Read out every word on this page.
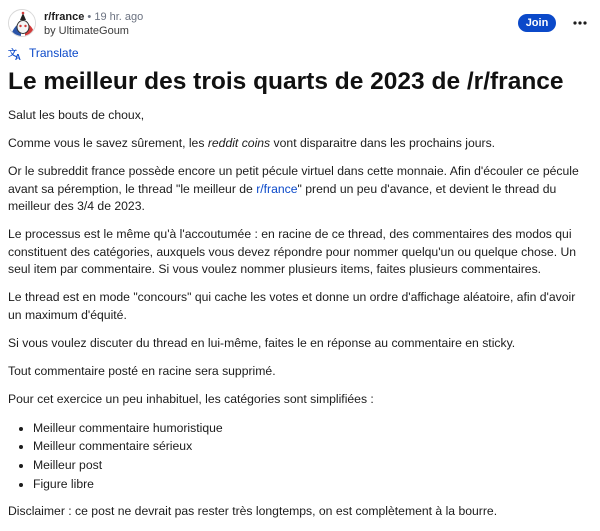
r/france • 19 hr. ago
by UltimateGoum
Join
文
A Translate
Le meilleur des trois quarts de 2023 de /r/france

Salut les bouts de choux,

Comme vous le savez sûrement, les reddit coins vont disparaitre dans les prochains jours.

Or le subreddit france possède encore un petit pécule virtuel dans cette monnaie. Afin d'écouler ce pécule avant sa péremption, le thread "le meilleur de r/france" prend un peu d'avance, et devient le thread du meilleur des 3/4 de 2023.

Le processus est le même qu'à l'accoutumée : en racine de ce thread, des commentaires des modos qui constituent des catégories, auxquels vous devez répondre pour nommer quelqu'un ou quelque chose. Un seul item par commentaire. Si vous voulez nommer plusieurs items, faites plusieurs commentaires.

Le thread est en mode "concours" qui cache les votes et donne un ordre d'affichage aléatoire, afin d'avoir un maximum d'équité.

Si vous voulez discuter du thread en lui-même, faites le en réponse au commentaire en sticky.

Tout commentaire posté en racine sera supprimé.

Pour cet exercice un peu inhabituel, les catégories sont simplifiées :

• Meilleur commentaire humoristique
• Meilleur commentaire sérieux
• Meilleur post
• Figure libre

Disclaimer : ce post ne devrait pas rester très longtemps, on est complètement à la bourre.
